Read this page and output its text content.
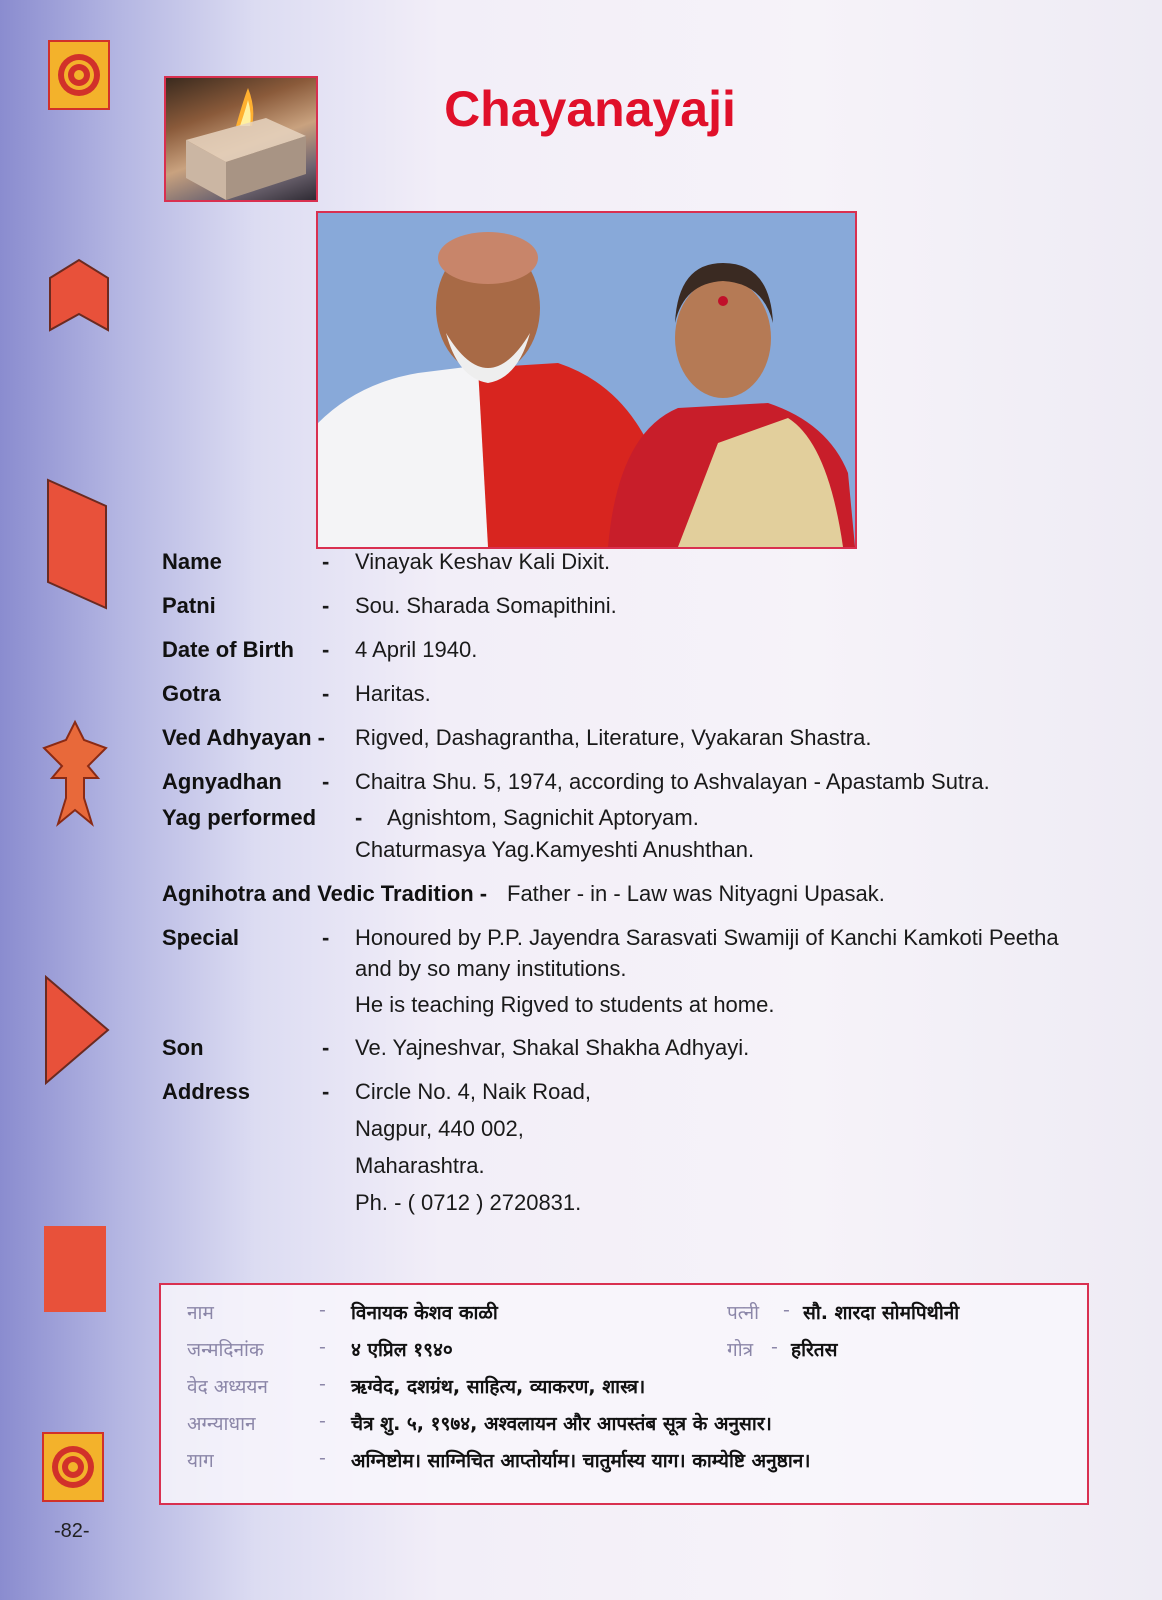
-82-
Chayanayaji
Name	- Vinayak Keshav Kali Dixit.
Patni	- Sou. Sharada Somapithini.
Date of Birth - 4 April 1940.
Gotra	- Haritas.
Ved Adhyayan - Rigved, Dashagrantha, Literature, Vyakaran Shastra.
Agnyadhan - Chaitra Shu. 5, 1974, according to Ashvalayan - Apastamb Sutra.
Yag performed - Agnishtom, Sagnichit Aptoryam.
Chaturmasya Yag.Kamyeshti Anushthan.
Agnihotra and Vedic Tradition - Father - in - Law was Nityagni Upasak.
Special	- Honoured by P.P. Jayendra Sarasvati Swamiji of Kanchi Kamkoti Peetha
and by so many institutions.
He is teaching Rigved to students at home.
Son	- Ve. Yajneshvar, Shakal Shakha Adhyayi.
Address	- Circle No. 4, Naik Road,
Nagpur, 440 002,
Maharashtra.
Ph. - ( 0712 ) 2720831.
नाम	- विनायक केशव काळी	पत्नी - सौ. शारदा सोमपिथीनी
जन्मदिनांक	- ४ एप्रिल १९४०	गोत्र - हरितस
वेद अध्ययन	- ऋग्वेद, दशग्रंथ, साहित्य, व्याकरण, शास्त्र।
अग्न्याधान	- चैत्र शु. ५, १९७४, अश्वलायन और आपस्तंब सूत्र के अनुसार।
याग	- अग्निष्टोम। साग्निचित आप्तोर्याम। चातुर्मास्य याग। काम्येष्टि अनुष्ठान।
